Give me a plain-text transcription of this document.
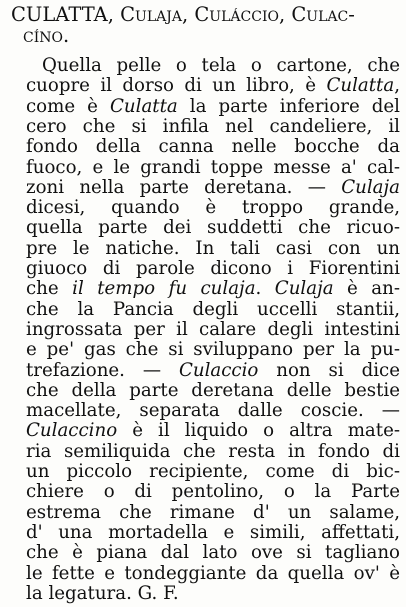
CULATTA, Culaja, Culáccio, Culac-
cíno.
Quella pelle o tela o cartone, che
cuopre il dorso di un libro, è Culatta,
come è Culatta la parte inferiore del
cero che si infila nel candeliere, il
fondo della canna nelle bocche da
fuoco, e le grandi toppe messe a' cal-
zoni nella parte deretana. — Culaja
dicesi, quando è troppo grande,
quella parte dei suddetti che ricuo-
pre le natiche. In tali casi con un
giuoco di parole dicono i Fiorentini
che il tempo fu culaja. Culaja è an-
che la Pancia degli uccelli stantii,
ingrossata per il calare degli intestini
e pe' gas che si sviluppano per la pu-
trefazione. — Culaccio non si dice
che della parte deretana delle bestie
macellate, separata dalle coscie. —
Culaccino è il liquido o altra mate-
ria semiliquida che resta in fondo di
un piccolo recipiente, come di bic-
chiere o di pentolino, o la Parte
estrema che rimane d' un salame,
d' una mortadella e simili, affettati,
che è piana dal lato ove si tagliano
le fette e tondeggiante da quella ov' è
la legatura. G. F.
